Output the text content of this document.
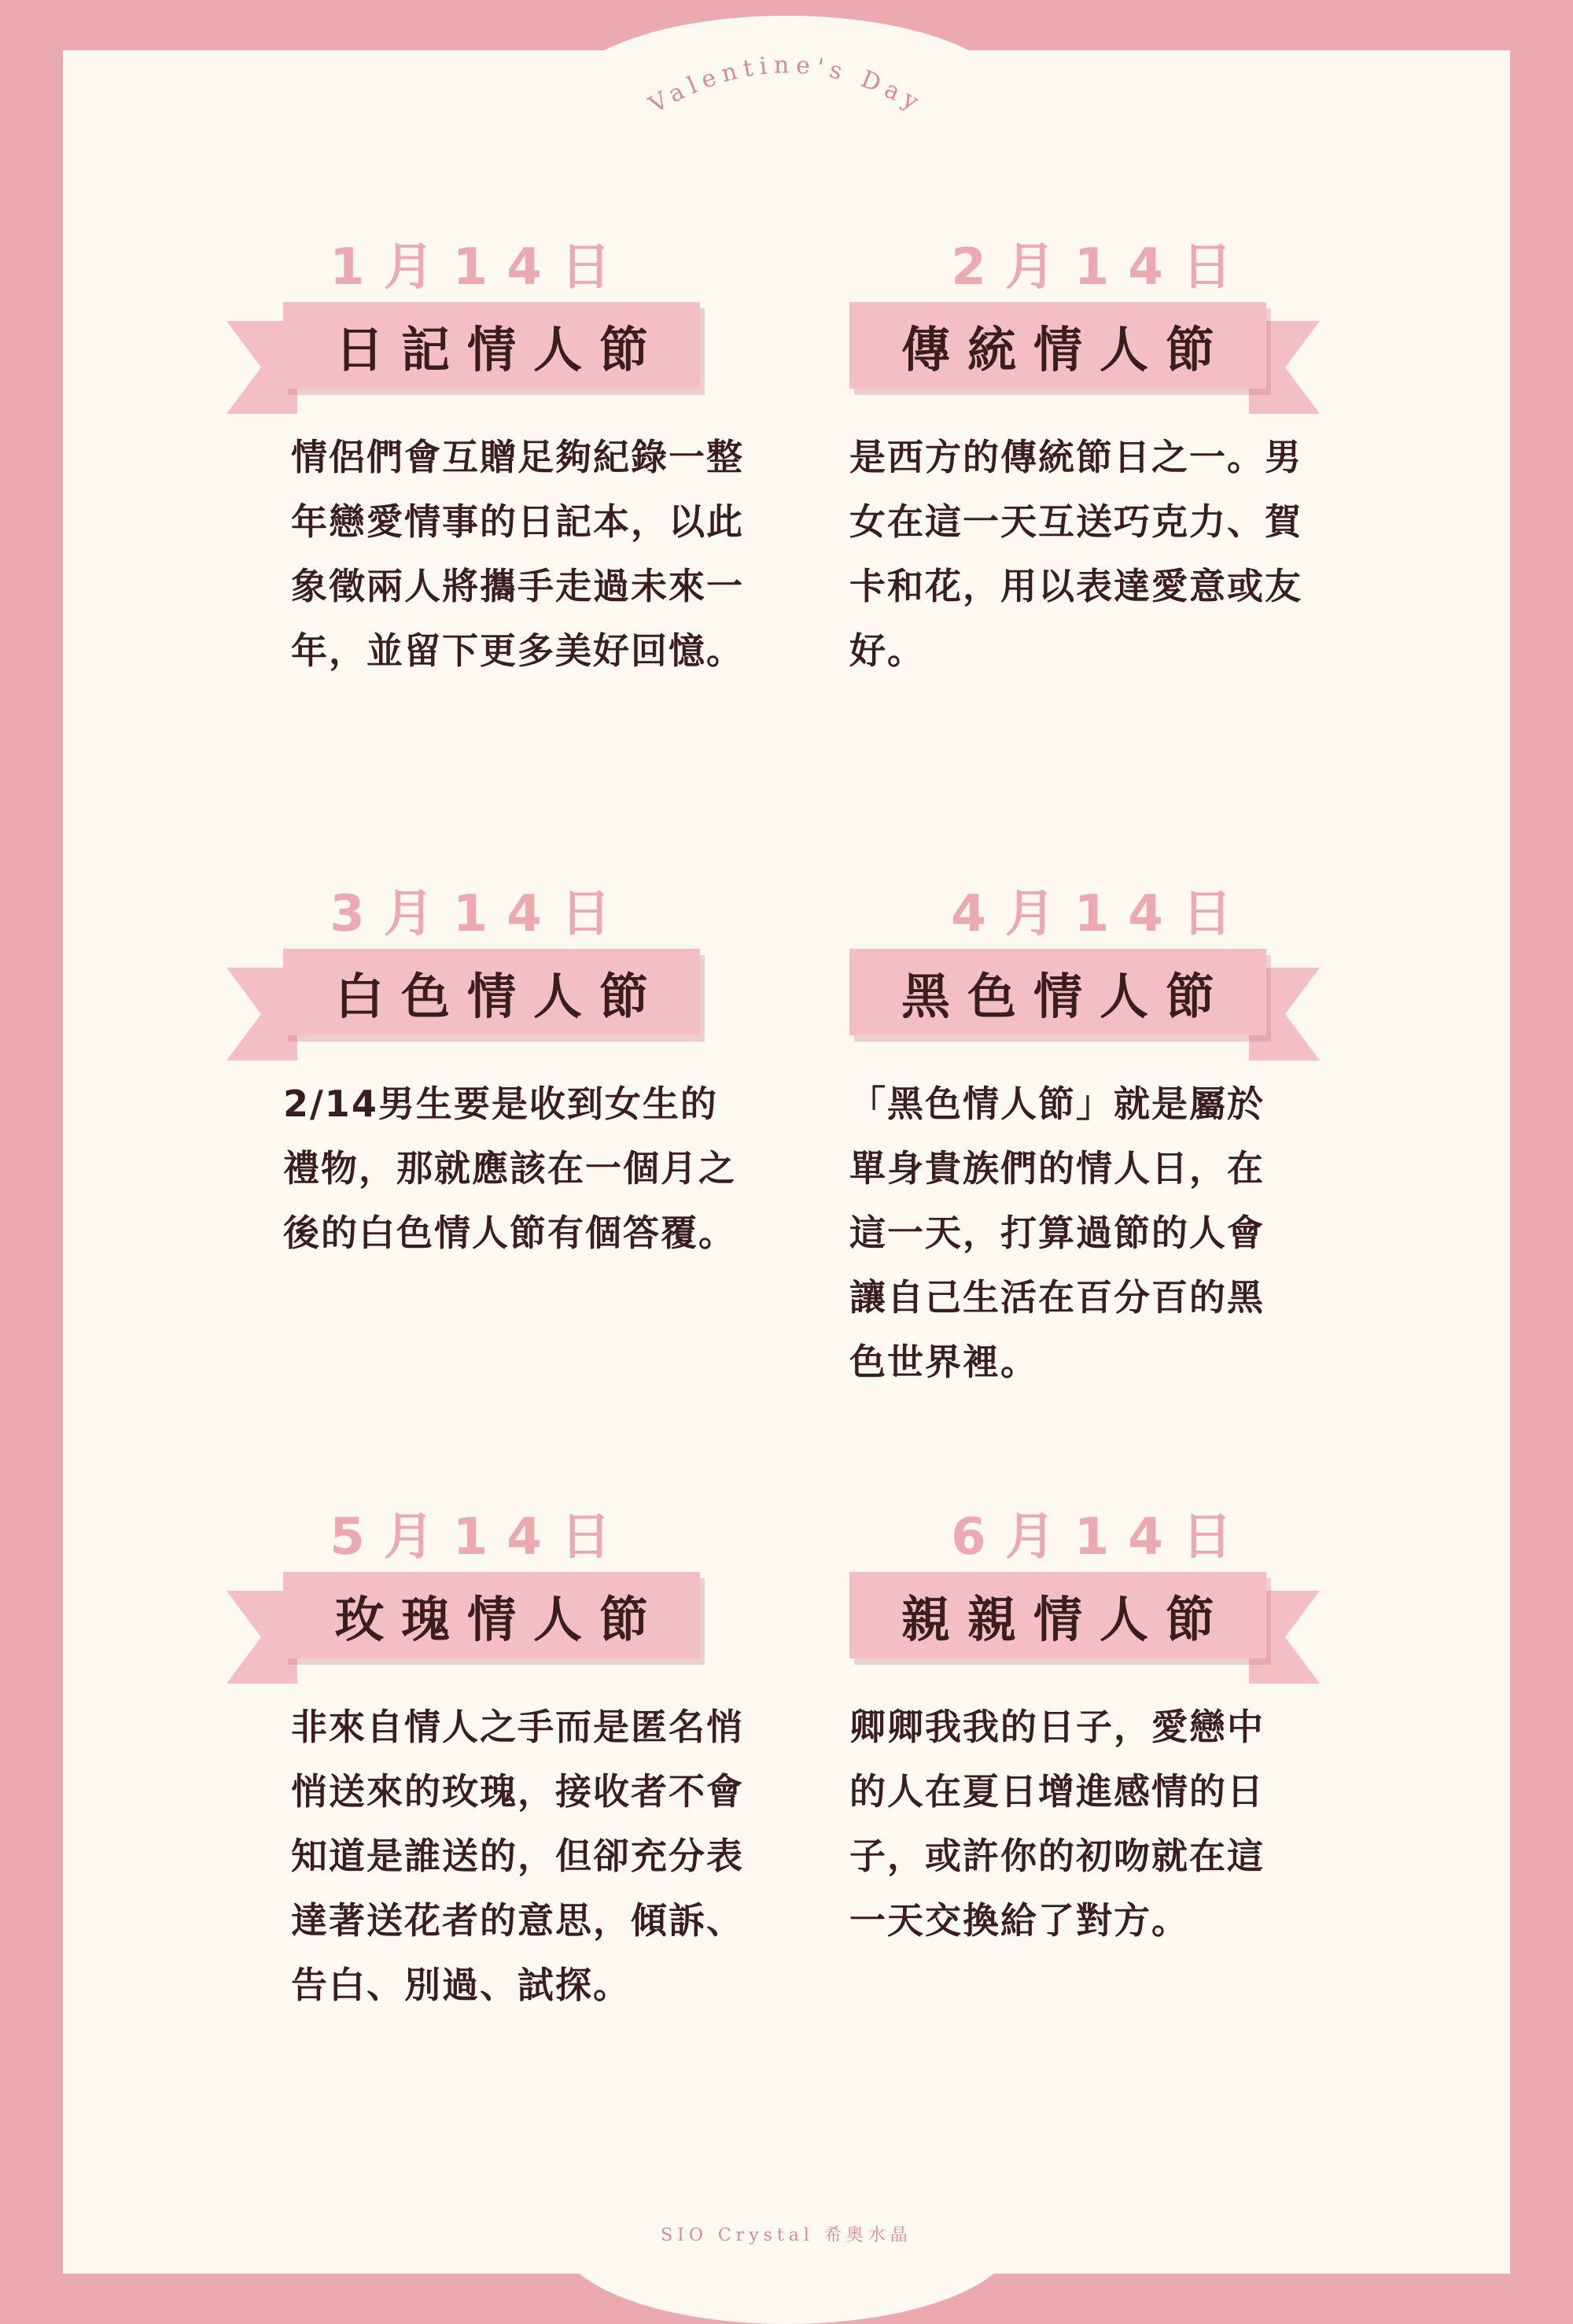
Valentine's Day
1月14日
日記情人節
情侶們會互贈足夠紀錄一整年戀愛情事的日記本，以此象徵兩人將攜手走過未來一年，並留下更多美好回憶。
2月14日
傳統情人節
是西方的傳統節日之一。男女在這一天互送巧克力、賀卡和花，用以表達愛意或友好。
3月14日
白色情人節
2/14男生要是收到女生的禮物，那就應該在一個月之後的白色情人節有個答覆。
4月14日
黑色情人節
「黑色情人節」就是屬於單身貴族們的情人日，在這一天，打算過節的人會讓自己生活在百分百的黑色世界裡。
5月14日
玫瑰情人節
非來自情人之手而是匿名悄悄送來的玫瑰，接收者不會知道是誰送的，但卻充分表達著送花者的意思，傾訴、告白、別過、試探。
6月14日
親親情人節
卿卿我我的日子，愛戀中的人在夏日增進感情的日子，或許你的初吻就在這一天交換給了對方。
SIO Crystal 希奧水晶
